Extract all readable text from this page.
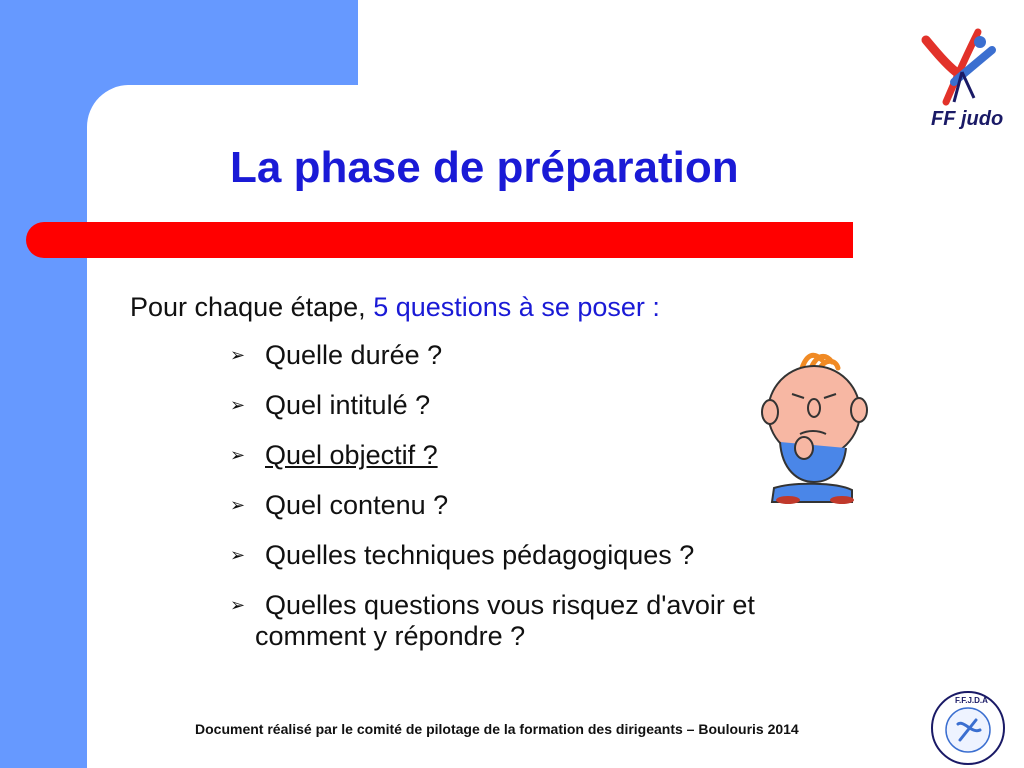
La phase de préparation
Pour chaque étape, 5 questions à se poser :
➢ Quelle durée ?
➢ Quel intitulé ?
➢ Quel objectif ?
➢ Quel contenu ?
➢ Quelles techniques pédagogiques ?
➢ Quelles questions vous risquez d'avoir et
comment y répondre ?
FF judo
Document réalisé par le comité de pilotage de la formation des dirigeants – Boulouris 2014
F.F.J.D.A
